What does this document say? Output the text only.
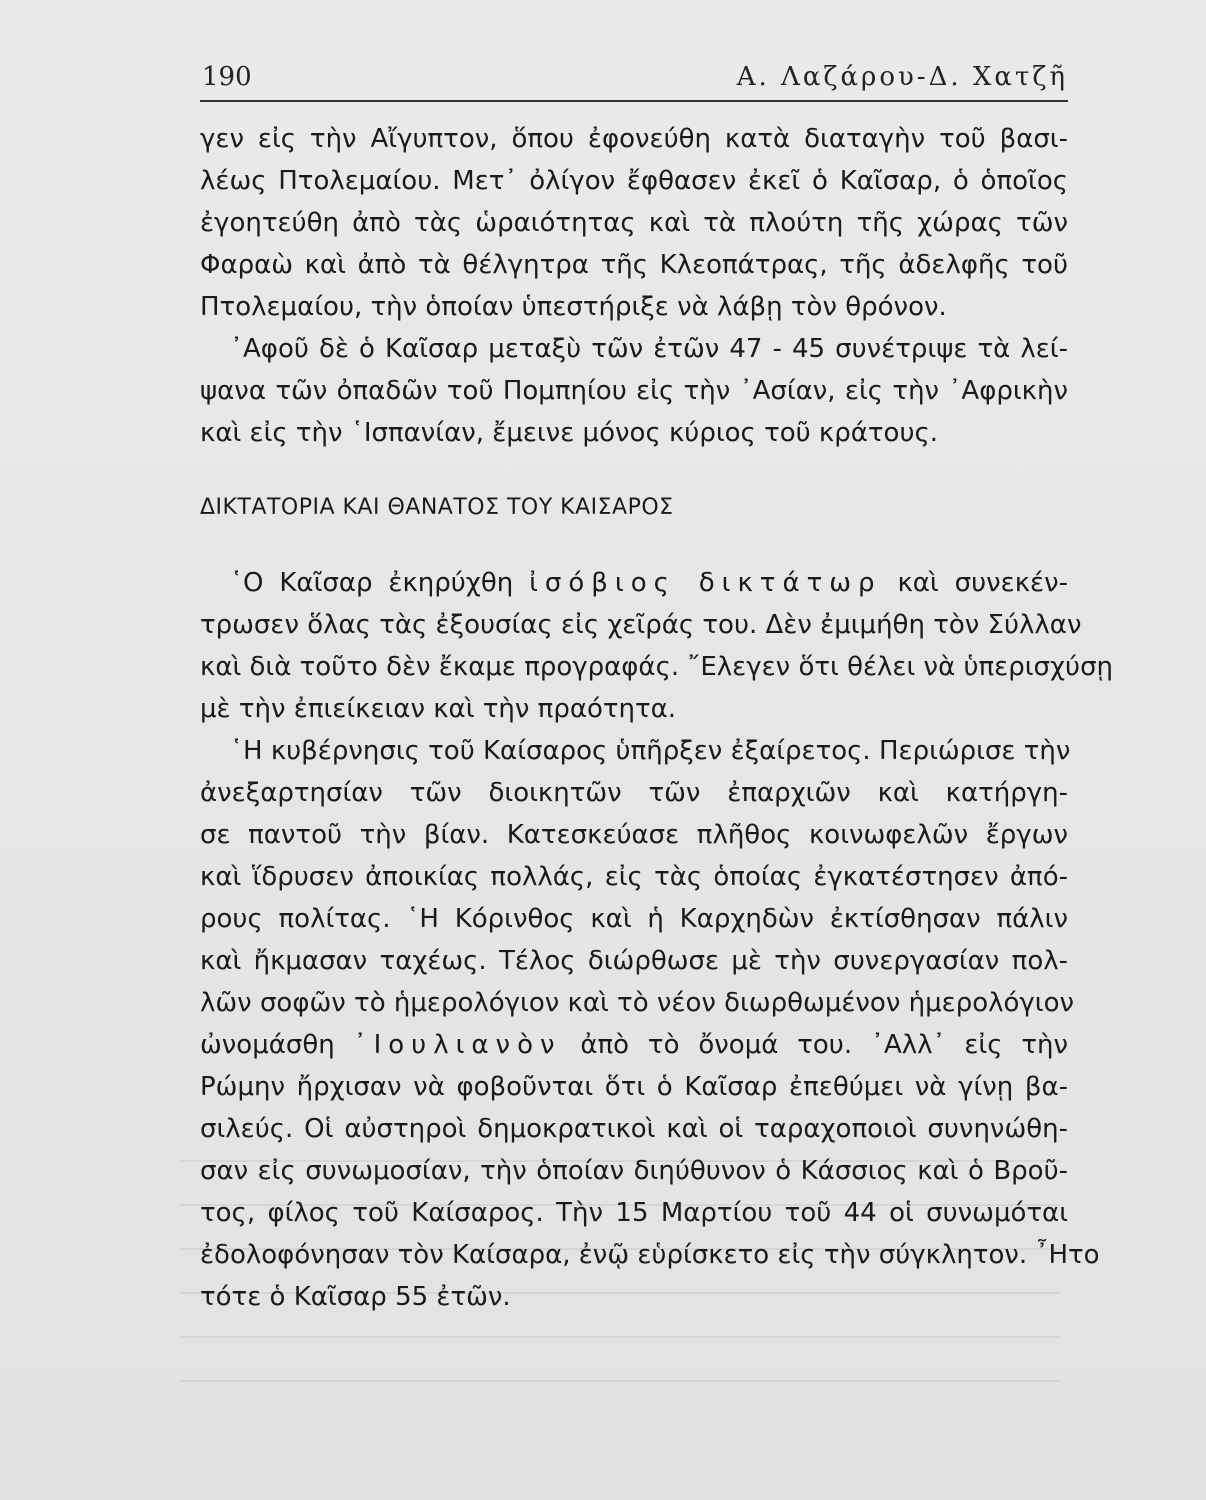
190	Α. Λαζάρου-Δ. Χατζῆ
γεν εἰς τὴν Αἴγυπτον, ὅπου ἐφονεύθη κατὰ διαταγὴν τοῦ βασι-
λέως Πτολεμαίου. Μετ᾽ ὀλίγον ἔφθασεν ἐκεῖ ὁ Καῖσαρ, ὁ ὁποῖος
ἐγοητεύθη ἀπὸ τὰς ὡραιότητας καὶ τὰ πλούτη τῆς χώρας τῶν
Φαραὼ καὶ ἀπὸ τὰ θέλγητρα τῆς Κλεοπάτρας, τῆς ἀδελφῆς τοῦ
Πτολεμαίου, τὴν ὁποίαν ὑπεστήριξε νὰ λάβῃ τὸν θρόνον.
᾽Αφοῦ δὲ ὁ Καῖσαρ μεταξὺ τῶν ἐτῶν 47 - 45 συνέτριψε τὰ λεί-
ψανα τῶν ὀπαδῶν τοῦ Πομπηίου εἰς τὴν ᾽Ασίαν, εἰς τὴν ᾽Αφρικὴν
καὶ εἰς τὴν ῾Ισπανίαν, ἔμεινε μόνος κύριος τοῦ κράτους.
ΔΙΚΤΑΤΟΡΙΑ ΚΑΙ ΘΑΝΑΤΟΣ ΤΟΥ ΚΑΙΣΑΡΟΣ
῾Ο Καῖσαρ ἐκηρύχθη ἰσόβιος δικτάτωρ καὶ συνεκέν-
τρωσεν ὅλας τὰς ἐξουσίας εἰς χεῖράς του. Δὲν ἐμιμήθη τὸν Σύλλαν
καὶ διὰ τοῦτο δὲν ἔκαμε προγραφάς. ῎Ελεγεν ὅτι θέλει νὰ ὑπερισχύσῃ
μὲ τὴν ἐπιείκειαν καὶ τὴν πραότητα.
῾Η κυβέρνησις τοῦ Καίσαρος ὑπῆρξεν ἐξαίρετος. Περιώρισε τὴν
ἀνεξαρτησίαν τῶν διοικητῶν τῶν ἐπαρχιῶν καὶ κατήργη-
σε παντοῦ τὴν βίαν. Κατεσκεύασε πλῆθος κοινωφελῶν ἔργων
καὶ ἵδρυσεν ἀποικίας πολλάς, εἰς τὰς ὁποίας ἐγκατέστησεν ἀπό-
ρους πολίτας. ῾Η Κόρινθος καὶ ἡ Καρχηδὼν ἐκτίσθησαν πάλιν
καὶ ἤκμασαν ταχέως. Τέλος διώρθωσε μὲ τὴν συνεργασίαν πολ-
λῶν σοφῶν τὸ ἡμερολόγιον καὶ τὸ νέον διωρθωμένον ἡμερολόγιον
ὠνομάσθη ᾽Ιουλιανὸν ἀπὸ τὸ ὄνομά του. ᾽Αλλ᾽ εἰς τὴν
Ρώμην ἤρχισαν νὰ φοβοῦνται ὅτι ὁ Καῖσαρ ἐπεθύμει νὰ γίνῃ βα-
σιλεύς. Οἱ αὐστηροὶ δημοκρατικοὶ καὶ οἱ ταραχοποιοὶ συνηνώθη-
σαν εἰς συνωμοσίαν, τὴν ὁποίαν διηύθυνον ὁ Κάσσιος καὶ ὁ Βροῦ-
τος, φίλος τοῦ Καίσαρος. Τὴν 15 Μαρτίου τοῦ 44 οἱ συνωμόται
ἐδολοφόνησαν τὸν Καίσαρα, ἐνῷ εὑρίσκετο εἰς τὴν σύγκλητον. ῏Ητο
τότε ὁ Καῖσαρ 55 ἐτῶν.
